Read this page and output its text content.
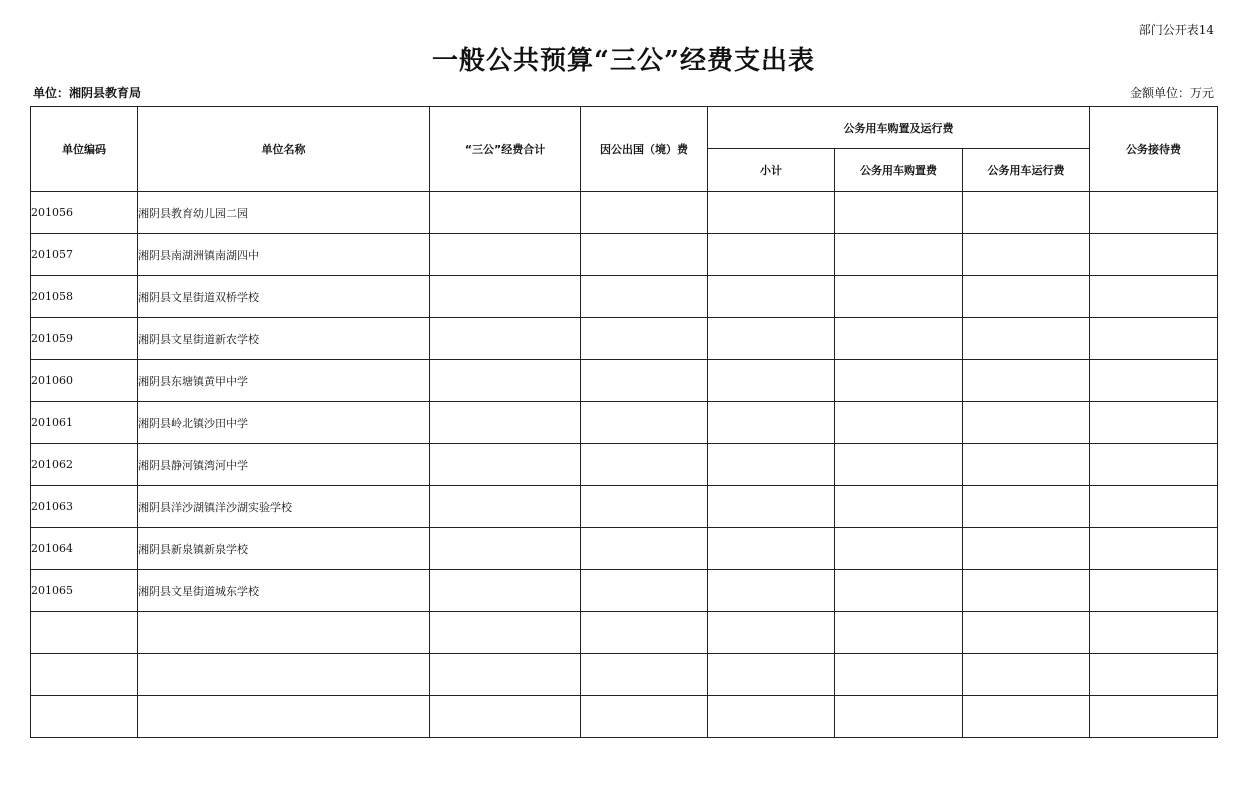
部门公开表14
一般公共预算“三公”经费支出表
单位：湘阴县教育局	金额单位：万元
单位编码	单位名称	“三公”经费合计	因公出国（境）费	公务用车购置及运行费			公务接待费
				小计	公务用车购置费	公务用车运行费	
201056	湘阴县教育幼儿园二园						
201057	湘阴县南湖洲镇南湖四中						
201058	湘阴县文星街道双桥学校						
201059	湘阴县文星街道新农学校						
201060	湘阴县东塘镇黄甲中学						
201061	湘阴县岭北镇沙田中学						
201062	湘阴县静河镇湾河中学						
201063	湘阴县洋沙湖镇洋沙湖实验学校						
201064	湘阴县新泉镇新泉学校						
201065	湘阴县文星街道城东学校						
